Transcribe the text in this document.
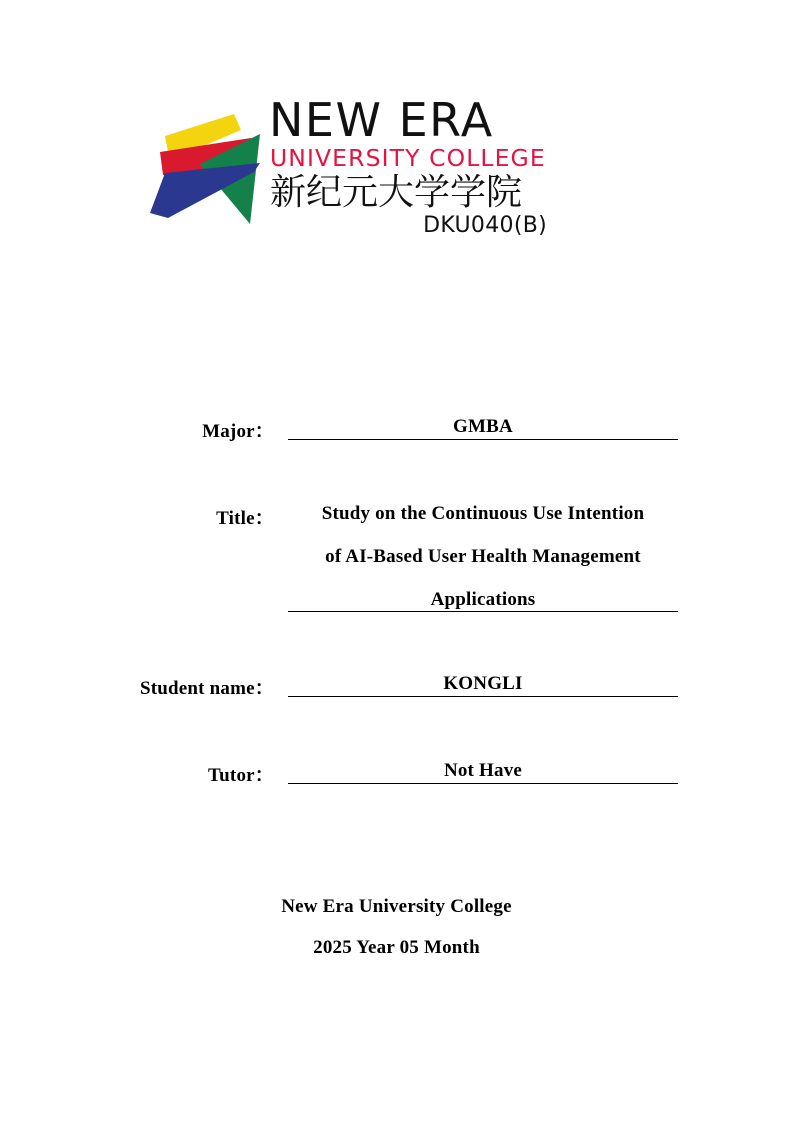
NEW ERA
UNIVERSITY COLLEGE
新纪元大学学院
DKU040(B)
Major：	GMBA
Title：	Study on the Continuous Use Intention
of AI-Based User Health Management
Applications
Student name：	KONGLI
Tutor：	Not Have
New Era University College
2025 Year 05 Month
